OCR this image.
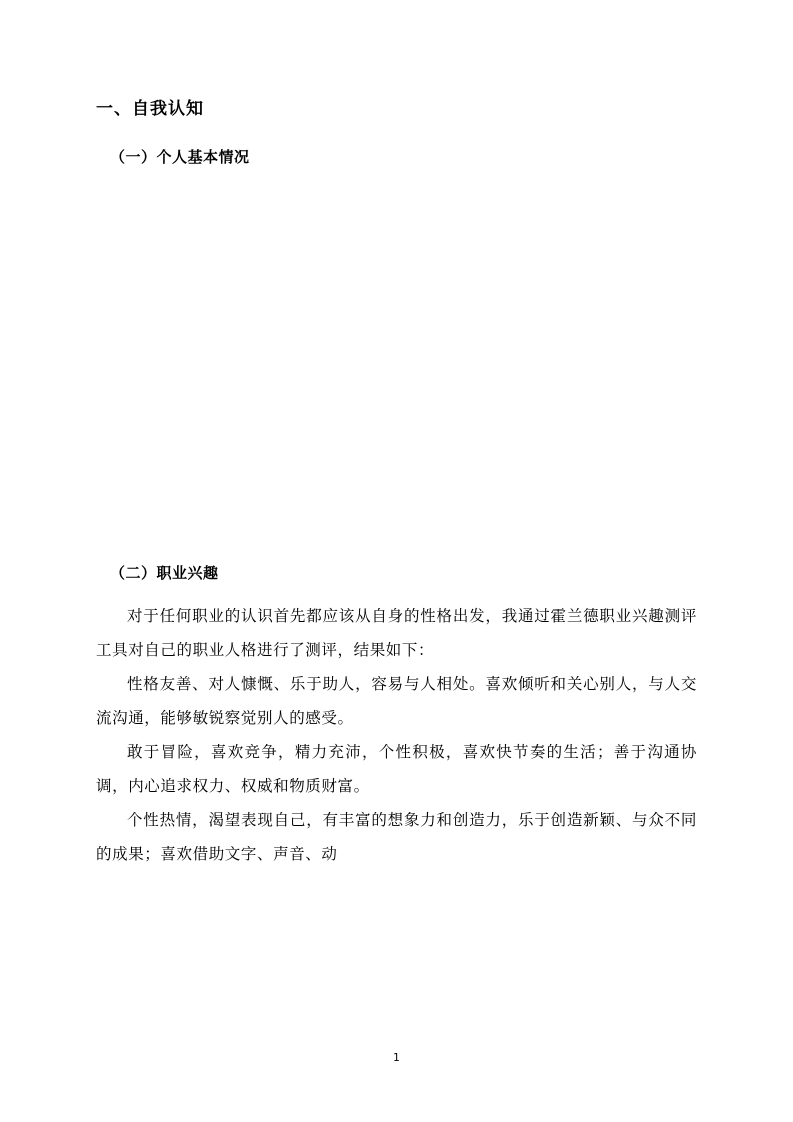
一、自我认知
（一）个人基本情况
（二）职业兴趣

对于任何职业的认识首先都应该从自身的性格出发，我通过霍兰德职业兴趣测评工具对自己的职业人格进行了测评，结果如下：

性格友善、对人慷慨、乐于助人，容易与人相处。喜欢倾听和关心别人，与人交流沟通，能够敏锐察觉别人的感受。

敢于冒险，喜欢竞争，精力充沛，个性积极，喜欢快节奏的生活；善于沟通协调，内心追求权力、权威和物质财富。

个性热情，渴望表现自己，有丰富的想象力和创造力，乐于创造新颖、与众不同的成果；喜欢借助文字、声音、动

1
